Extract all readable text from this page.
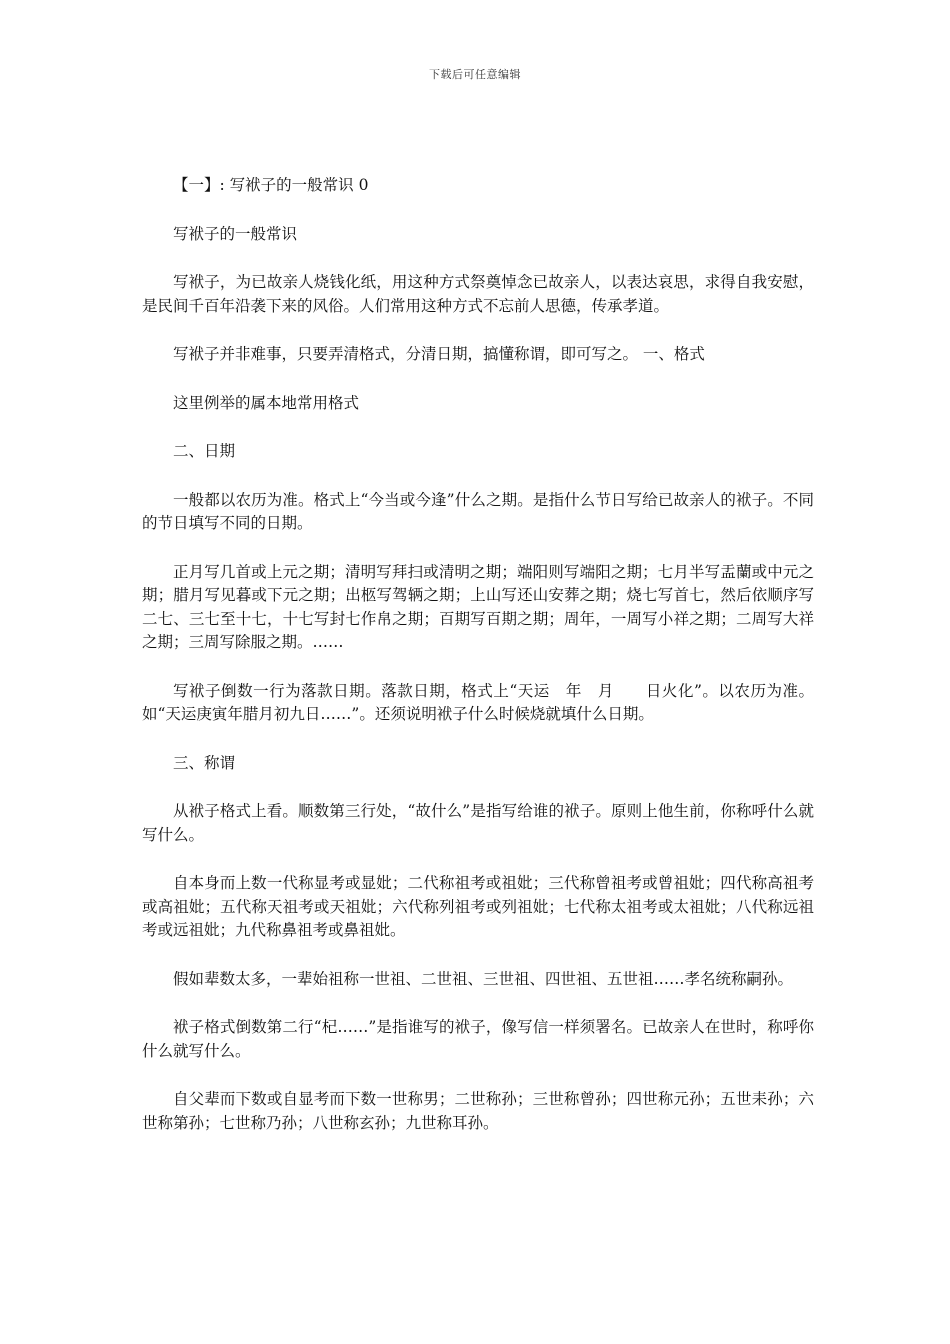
下载后可任意编辑

【一】: 写袱子的一般常识 0

写袱子的一般常识

写袱子，为已故亲人烧钱化纸，用这种方式祭奠悼念已故亲人，以表达哀思，求得自我安慰，是民间千百年沿袭下来的风俗。人们常用这种方式不忘前人思德，传承孝道。

写袱子并非难事，只要弄清格式，分清日期，搞懂称谓，即可写之。 一、格式

这里例举的属本地常用格式

二、日期

一般都以农历为准。格式上“今当或今逢”什么之期。是指什么节日写给已故亲人的袱子。不同的节日填写不同的日期。

正月写几首或上元之期；清明写拜扫或清明之期；端阳则写端阳之期；七月半写盂蘭或中元之期；腊月写见暮或下元之期；出柩写驾辆之期；上山写还山安葬之期；烧七写首七，然后依顺序写二七、三七至十七，十七写封七作帛之期；百期写百期之期；周年，一周写小祥之期；二周写大祥之期；三周写除服之期。……

写袱子倒数一行为落款日期。落款日期，格式上“天运　年　月　　日火化”。以农历为准。如“天运庚寅年腊月初九日……”。还须说明袱子什么时候烧就填什么日期。

三、称谓

从袱子格式上看。顺数第三行处，“故什么”是指写给谁的袱子。原则上他生前，你称呼什么就写什么。

自本身而上数一代称显考或显妣；二代称祖考或祖妣；三代称曾祖考或曾祖妣；四代称高祖考或高祖妣；五代称天祖考或天祖妣；六代称列祖考或列祖妣；七代称太祖考或太祖妣；八代称远祖考或远祖妣；九代称鼻祖考或鼻祖妣。

假如辈数太多，一辈始祖称一世祖、二世祖、三世祖、四世祖、五世祖……孝名统称嗣孙。

袱子格式倒数第二行“杞……”是指谁写的袱子，像写信一样须署名。已故亲人在世时，称呼你什么就写什么。

自父辈而下数或自显考而下数一世称男；二世称孙；三世称曾孙；四世称元孙；五世耒孙；六世称第孙；七世称乃孙；八世称玄孙；九世称耳孙。
